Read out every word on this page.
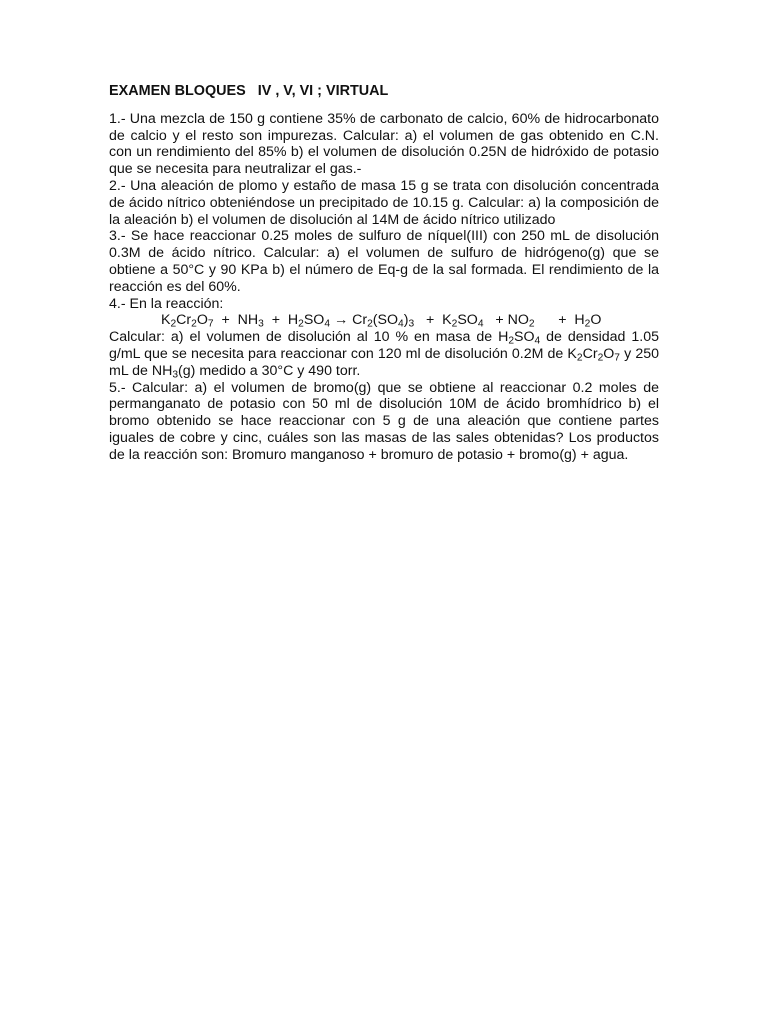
EXAMEN BLOQUES   IV , V, VI ; VIRTUAL

1.- Una mezcla de 150 g contiene 35% de carbonato de calcio, 60% de hidrocarbonato de calcio y el resto son impurezas. Calcular: a) el volumen de gas obtenido en C.N. con un rendimiento del 85% b) el volumen de disolución 0.25N de hidróxido de potasio que se necesita para neutralizar el gas.-

2.- Una aleación de plomo y estaño de masa 15 g se trata con disolución concentrada de ácido nítrico obteniéndose un precipitado de 10.15 g. Calcular: a) la composición de la aleación b) el volumen de disolución al 14M de ácido nítrico utilizado

3.- Se hace reaccionar 0.25 moles de sulfuro de níquel(III) con 250 mL de disolución 0.3M de ácido nítrico. Calcular: a) el volumen de sulfuro de hidrógeno(g) que se obtiene a 50°C y 90 KPa b) el número de Eq-g de la sal formada. El rendimiento de la reacción es del 60%.

4.- En la reacción:

$K_2Cr_2O_7 + NH_3 + H_2SO_4 \to Cr_2(SO_4)_3 + K_2SO_4 + NO_2 + H_2O$

Calcular: a) el volumen de disolución al 10 % en masa de $H_2SO_4$ de densidad 1.05 g/mL que se necesita para reaccionar con 120 ml de disolución 0.2M de $K_2Cr_2O_7$ y 250 mL de $NH_3(g)$ medido a 30°C y 490 torr.

5.- Calcular: a) el volumen de bromo(g) que se obtiene al reaccionar 0.2 moles de permanganato de potasio con 50 ml de disolución 10M de ácido bromhídrico b) el bromo obtenido se hace reaccionar con 5 g de una aleación que contiene partes iguales de cobre y cinc, cuáles son las masas de las sales obtenidas? Los productos de la reacción son: Bromuro manganoso + bromuro de potasio + bromo(g) + agua.
